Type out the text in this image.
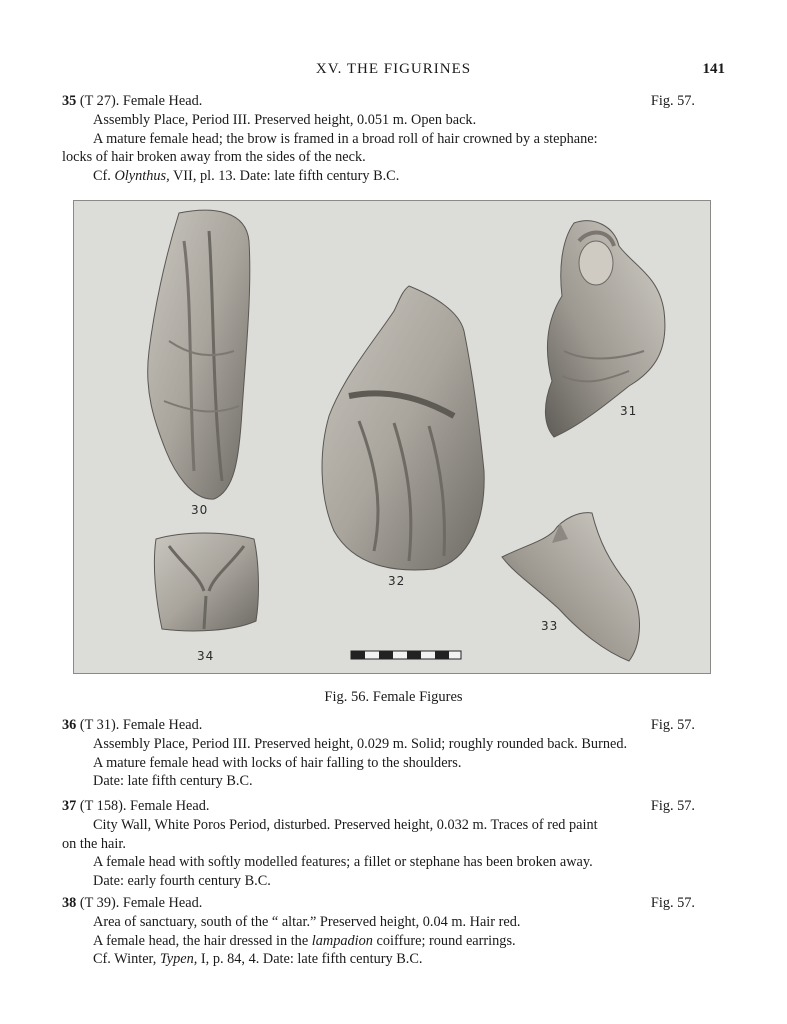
XV. THE FIGURINES	141
35 (T 27). Female Head.	Fig. 57.
Assembly Place, Period III. Preserved height, 0.051 m. Open back.
A mature female head; the brow is framed in a broad roll of hair crowned by a stephane:
locks of hair broken away from the sides of the neck.
Cf. Olynthus, VII, pl. 13. Date: late fifth century B.C.
30
31
32
33
34
Fig. 56. Female Figures
36 (T 31). Female Head.	Fig. 57.
Assembly Place, Period III. Preserved height, 0.029 m. Solid; roughly rounded back. Burned.
A mature female head with locks of hair falling to the shoulders.
Date: late fifth century B.C.
37 (T 158). Female Head.	Fig. 57.
City Wall, White Poros Period, disturbed. Preserved height, 0.032 m. Traces of red paint
on the hair.
A female head with softly modelled features; a fillet or stephane has been broken away.
Date: early fourth century B.C.
38 (T 39). Female Head.	Fig. 57.
Area of sanctuary, south of the “ altar.” Preserved height, 0.04 m. Hair red.
A female head, the hair dressed in the lampadion coiffure; round earrings.
Cf. Winter, Typen, I, p. 84, 4. Date: late fifth century B.C.
